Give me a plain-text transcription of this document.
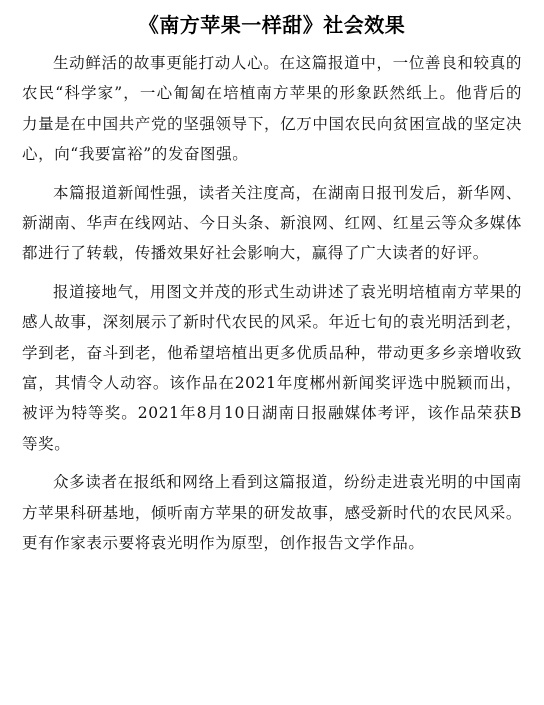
《南方苹果一样甜》社会效果

生动鲜活的故事更能打动人心。在这篇报道中，一位善良和较真的农民“科学家”，一心匍匐在培植南方苹果的形象跃然纸上。他背后的力量是在中国共产党的坚强领导下，亿万中国农民向贫困宣战的坚定决心，向“我要富裕”的发奋图强。

本篇报道新闻性强，读者关注度高，在湖南日报刊发后，新华网、新湖南、华声在线网站、今日头条、新浪网、红网、红星云等众多媒体都进行了转载，传播效果好社会影响大，赢得了广大读者的好评。

报道接地气，用图文并茂的形式生动讲述了袁光明培植南方苹果的感人故事，深刻展示了新时代农民的风采。年近七旬的袁光明活到老，学到老，奋斗到老，他希望培植出更多优质品种，带动更多乡亲增收致富，其情令人动容。该作品在2021年度郴州新闻奖评选中脱颖而出，被评为特等奖。2021年8月10日湖南日报融媒体考评，该作品荣获B等奖。

众多读者在报纸和网络上看到这篇报道，纷纷走进袁光明的中国南方苹果科研基地，倾听南方苹果的研发故事，感受新时代的农民风采。更有作家表示要将袁光明作为原型，创作报告文学作品。
